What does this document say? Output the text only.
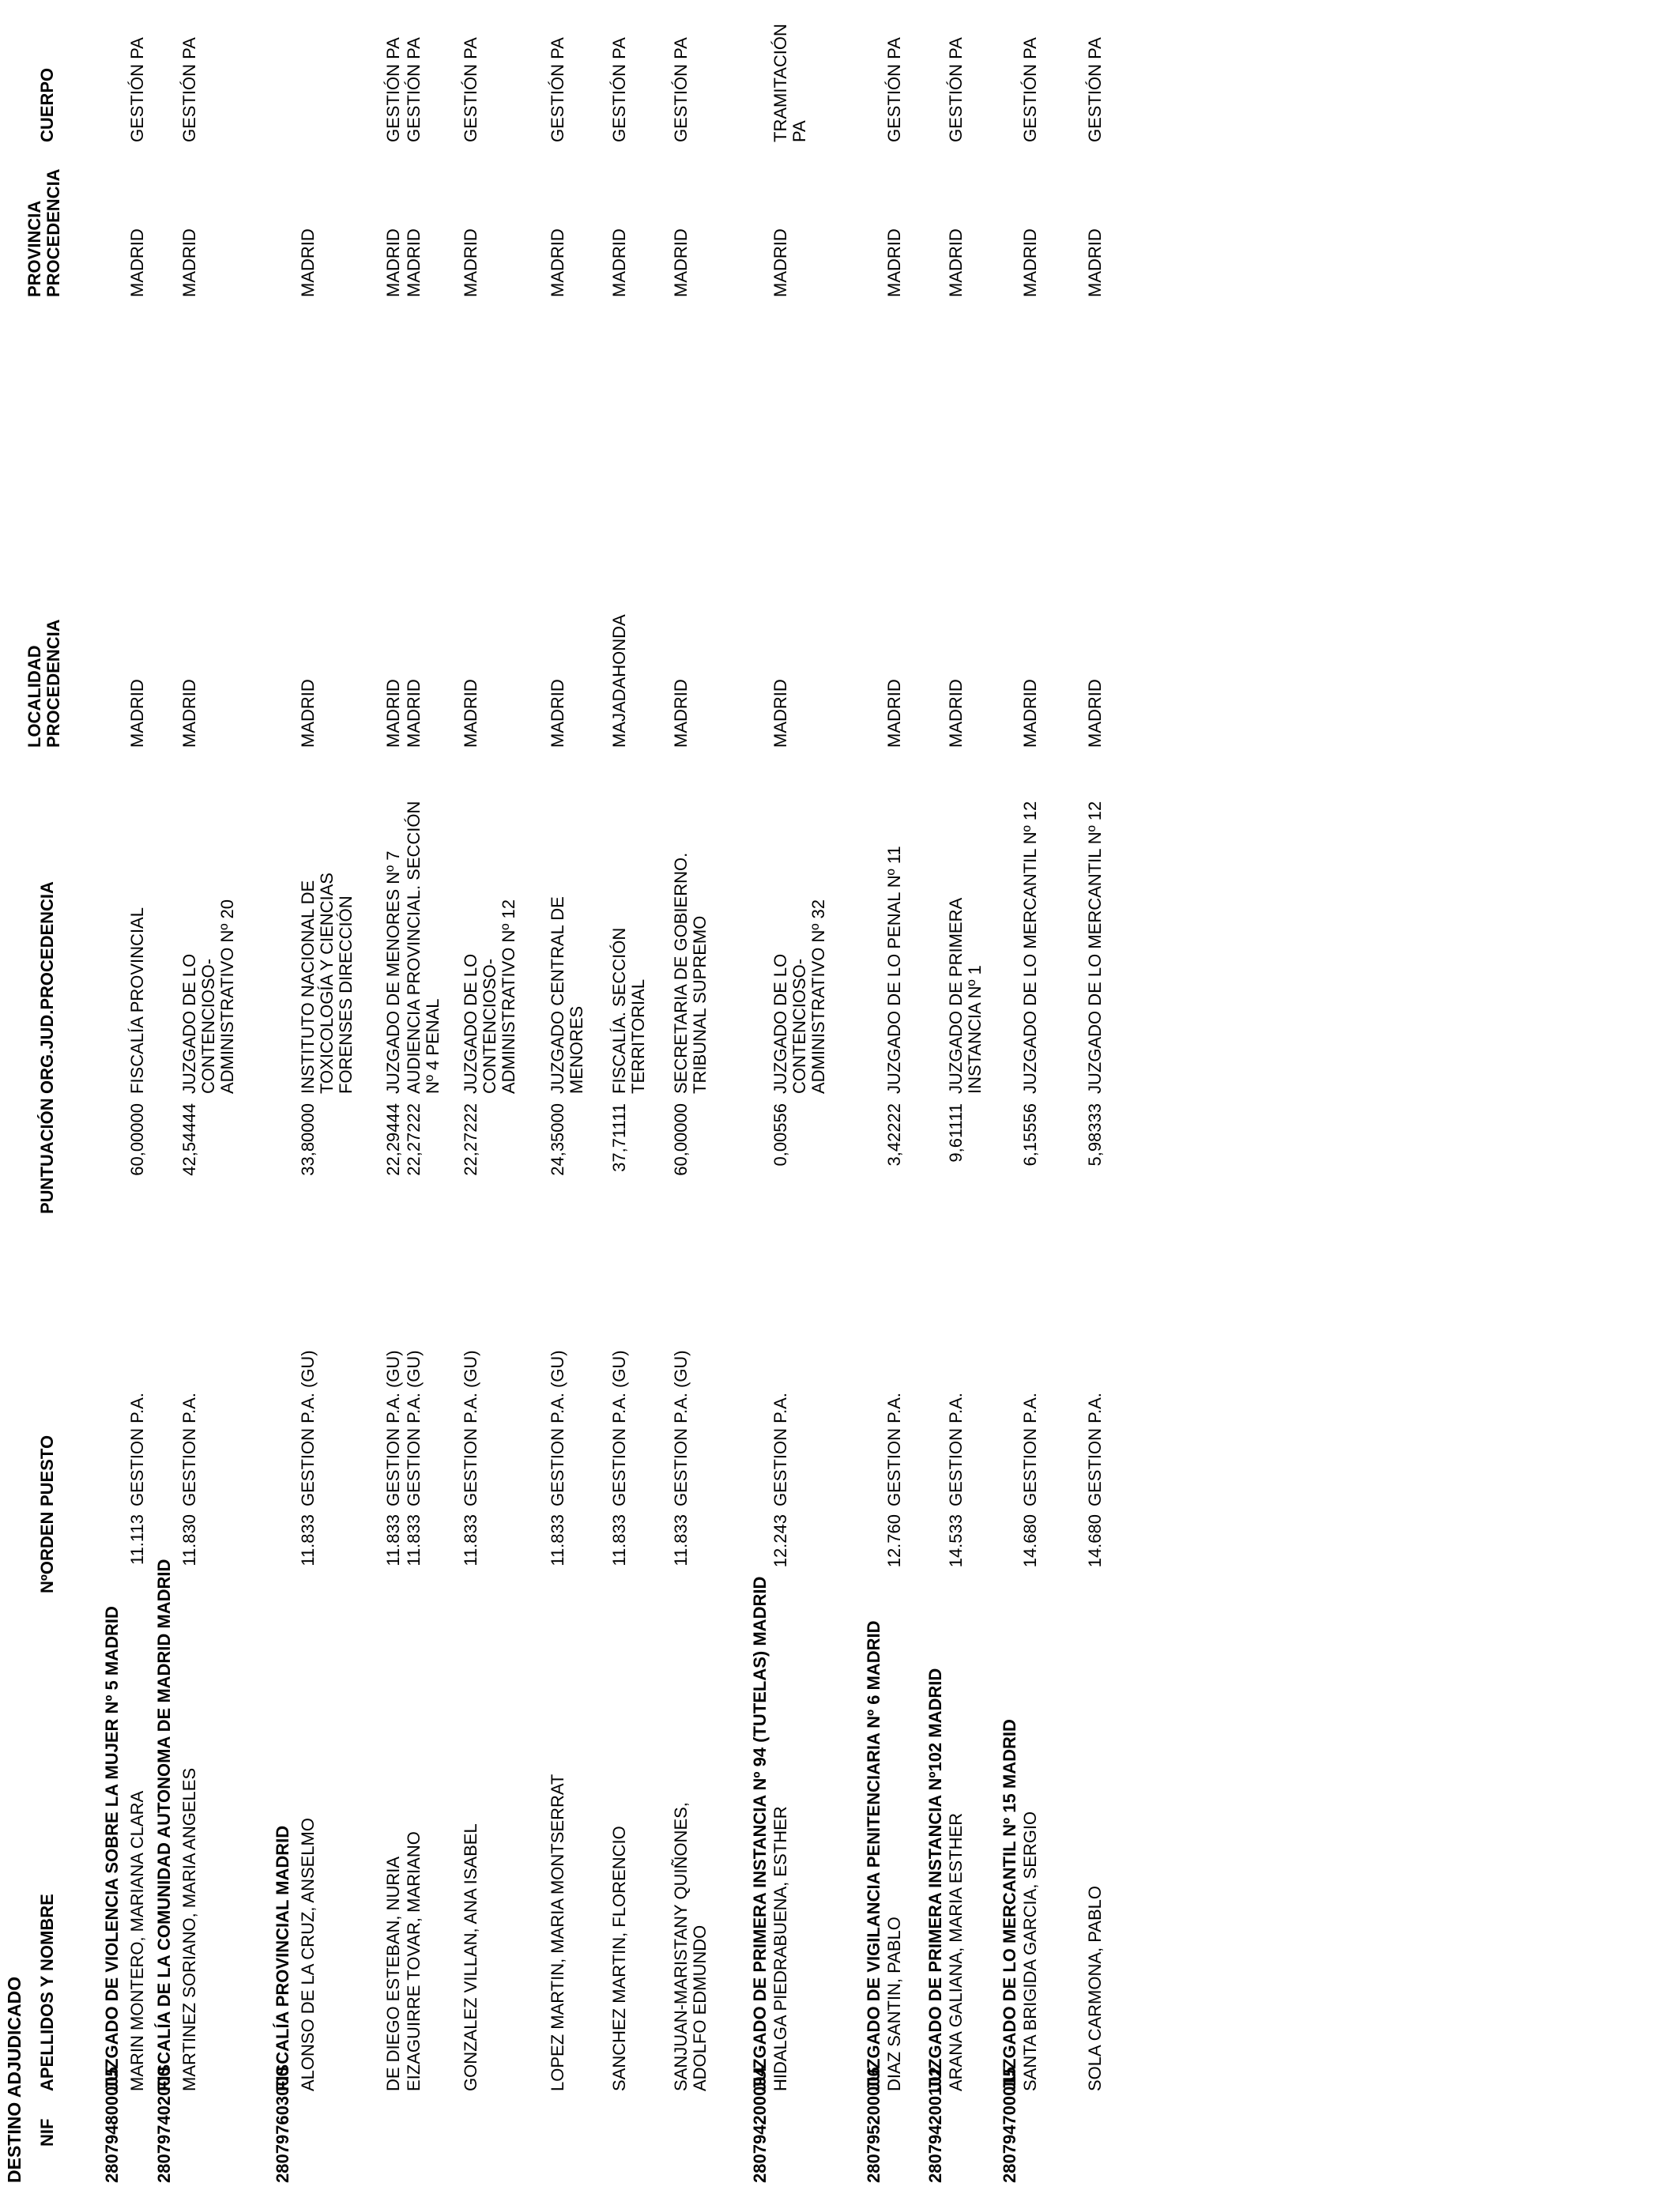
DESTINO ADJUDICADO NIF
APELLIDOS Y NOMBRE
NºORDEN
PUESTO
PUNTUACIÓN
ORG.JUD.PROCEDENCIA
LOCALIDAD PROCEDENCIA
PROVINCIA PROCEDENCIA
CUERPO
280794800005
JUZGADO DE VIOLENCIA SOBRE LA MUJER Nº 5 MADRID MARIN MONTERO, MARIANA CLARA
11.113
GESTION P.A.
60,00000
FISCALÍA PROVINCIAL
MADRID
MADRID
GESTIÓN PA
280797402000
FISCALÍA DE LA COMUNIDAD AUTONOMA DE MADRID MADRID MARTINEZ SORIANO, MARIA ANGELES
11.830
GESTION P.A.
42,54444
JUZGADO DE LO CONTENCIOSO-ADMINISTRATIVO Nº 20
MADRID
MADRID
GESTIÓN PA
280797603000
FISCALÍA PROVINCIAL MADRID ALONSO DE LA CRUZ, ANSELMO
11.833
GESTION P.A. (GU)
33,80000
INSTITUTO NACIONAL DE TOXICOLOGÍA Y CIENCIAS FORENSES DIRECCIÓN
MADRID
MADRID
DE DIEGO ESTEBAN, NURIA
11.833
GESTION P.A. (GU)
22,29444
JUZGADO DE MENORES Nº 7
MADRID
MADRID
GESTIÓN PA
EIZAGUIRRE TOVAR, MARIANO
11.833
GESTION P.A. (GU)
22,27222
AUDIENCIA PROVINCIAL. SECCIÓN Nº 4 PENAL
MADRID
MADRID
GESTIÓN PA
GONZALEZ VILLAN, ANA ISABEL
11.833
GESTION P.A. (GU)
22,27222
JUZGADO DE LO CONTENCIOSO-ADMINISTRATIVO Nº 12
MADRID
MADRID
GESTIÓN PA
LOPEZ MARTIN, MARIA MONTSERRAT
11.833
GESTION P.A. (GU)
24,35000
JUZGADO CENTRAL DE MENORES
MADRID
MADRID
GESTIÓN PA
SANCHEZ MARTIN, FLORENCIO
11.833
GESTION P.A. (GU)
37,71111
FISCALÍA. SECCIÓN TERRITORIAL
MAJADAHONDA
MADRID
GESTIÓN PA
SANJUAN-MARISTANY QUIÑONES, ADOLFO EDMUNDO
11.833
GESTION P.A. (GU)
60,00000
SECRETARIA DE GOBIERNO. TRIBUNAL SUPREMO
MADRID
MADRID
GESTIÓN PA
280794200094
JUZGADO DE PRIMERA INSTANCIA Nº 94 (TUTELAS) MADRID HIDALGA PIEDRABUENA, ESTHER
12.243
GESTION P.A.
0,00556
JUZGADO DE LO CONTENCIOSO-ADMINISTRATIVO Nº 32
MADRID
MADRID
TRAMITACIÓN PA
280795200006
JUZGADO DE VIGILANCIA PENITENCIARIA Nº 6 MADRID DIAZ SANTIN, PABLO
12.760
GESTION P.A.
3,42222
JUZGADO DE LO PENAL Nº 11
MADRID
MADRID
GESTIÓN PA
280794200102
JUZGADO DE PRIMERA INSTANCIA Nº102 MADRID ARANA GALIANA, MARIA ESTHER
14.533
GESTION P.A.
9,61111
JUZGADO DE PRIMERA INSTANCIA Nº 1
MADRID
MADRID
GESTIÓN PA
280794700015
JUZGADO DE LO MERCANTIL Nº 15 MADRID SANTA BRIGIDA GARCIA, SERGIO
14.680
GESTION P.A.
6,15556
JUZGADO DE LO MERCANTIL Nº 12
MADRID
MADRID
GESTIÓN PA
SOLA CARMONA, PABLO
14.680
GESTION P.A.
5,98333
JUZGADO DE LO MERCANTIL Nº 12
MADRID
MADRID
GESTIÓN PA
